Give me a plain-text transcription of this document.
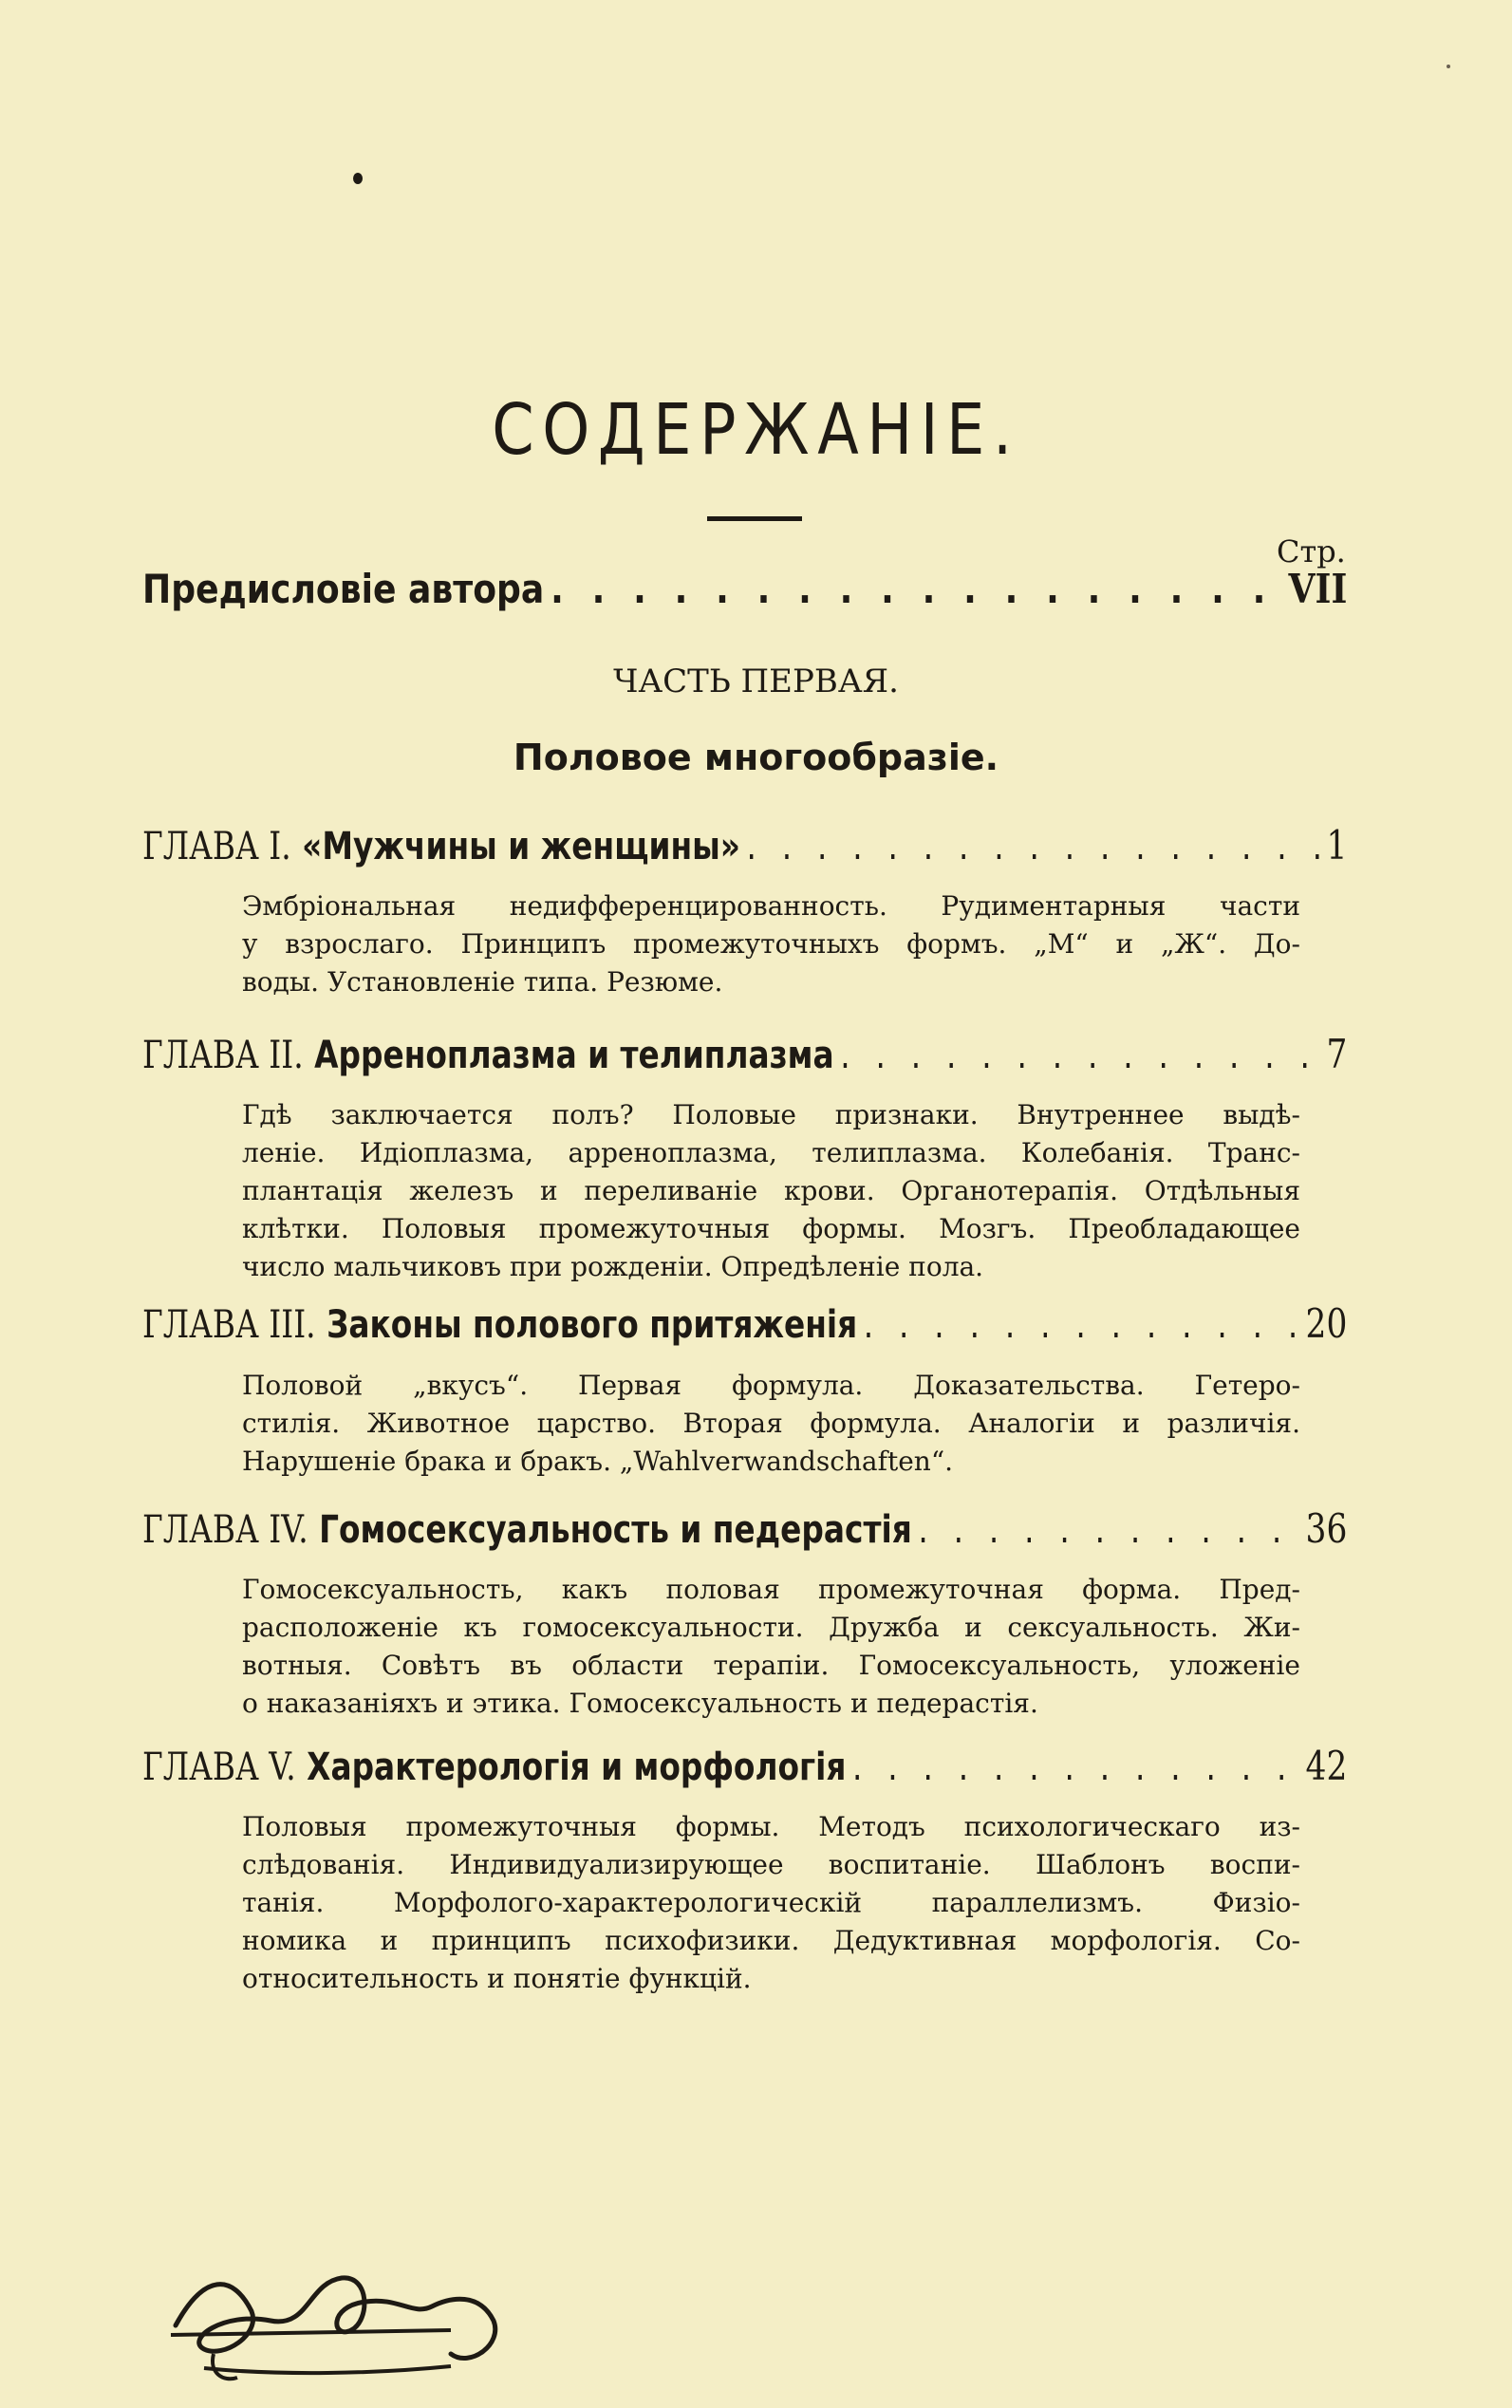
СОДЕРЖАНIЕ.
Стр.
Предисловiе автора . . .	VII
ЧАСТЬ ПЕРВАЯ.
Половое многообразiе.
ГЛАВА I. «Мужчины и женщины» . . .	1
Эмбрiональная недифференцированность. Рудиментарныя части
у взрослаго. Принципъ промежуточныхъ формъ. „М“ и „Ж“. До-
воды. Установленiе типа. Резюме.
ГЛАВА II. Арреноплазма и телиплазма . . .	7
Гдѣ заключается полъ? Половые признаки. Внутреннее выдѣ-
ленiе. Идiоплазма, арреноплазма, телиплазма. Колебанiя. Транс-
плантацiя железъ и переливанiе крови. Органотерапiя. Отдѣльныя
клѣтки. Половыя промежуточныя формы. Мозгъ. Преобладающее
число мальчиковъ при рожденiи. Опредѣленiе пола.
ГЛАВА III. Законы полового притяженiя . . .	20
Половой „вкусъ“. Первая формула. Доказательства. Гетеро-
стилiя. Животное царство. Вторая формула. Аналогiи и различiя.
Нарушенiе брака и бракъ. „Wahlverwandschaften“.
ГЛАВА IV. Гомосексуальность и педерастiя . . .	36
Гомосексуальность, какъ половая промежуточная форма. Пред-
расположенiе къ гомосексуальности. Дружба и сексуальность. Жи-
вотныя. Совѣтъ въ области терапiи. Гомосексуальность, уложенiе
о наказанiяхъ и этика. Гомосексуальность и педерастiя.
ГЛАВА V. Характерологiя и морфологiя . . .	42
Половыя промежуточныя формы. Методъ психологическаго из-
слѣдованiя. Индивидуализирующее воспитанiе. Шаблонъ воспи-
танiя. Морфолого-характерологическiй параллелизмъ. Физiо-
номика и принципъ психофизики. Дедуктивная морфологiя. Со-
относительность и понятiе функцiй.
